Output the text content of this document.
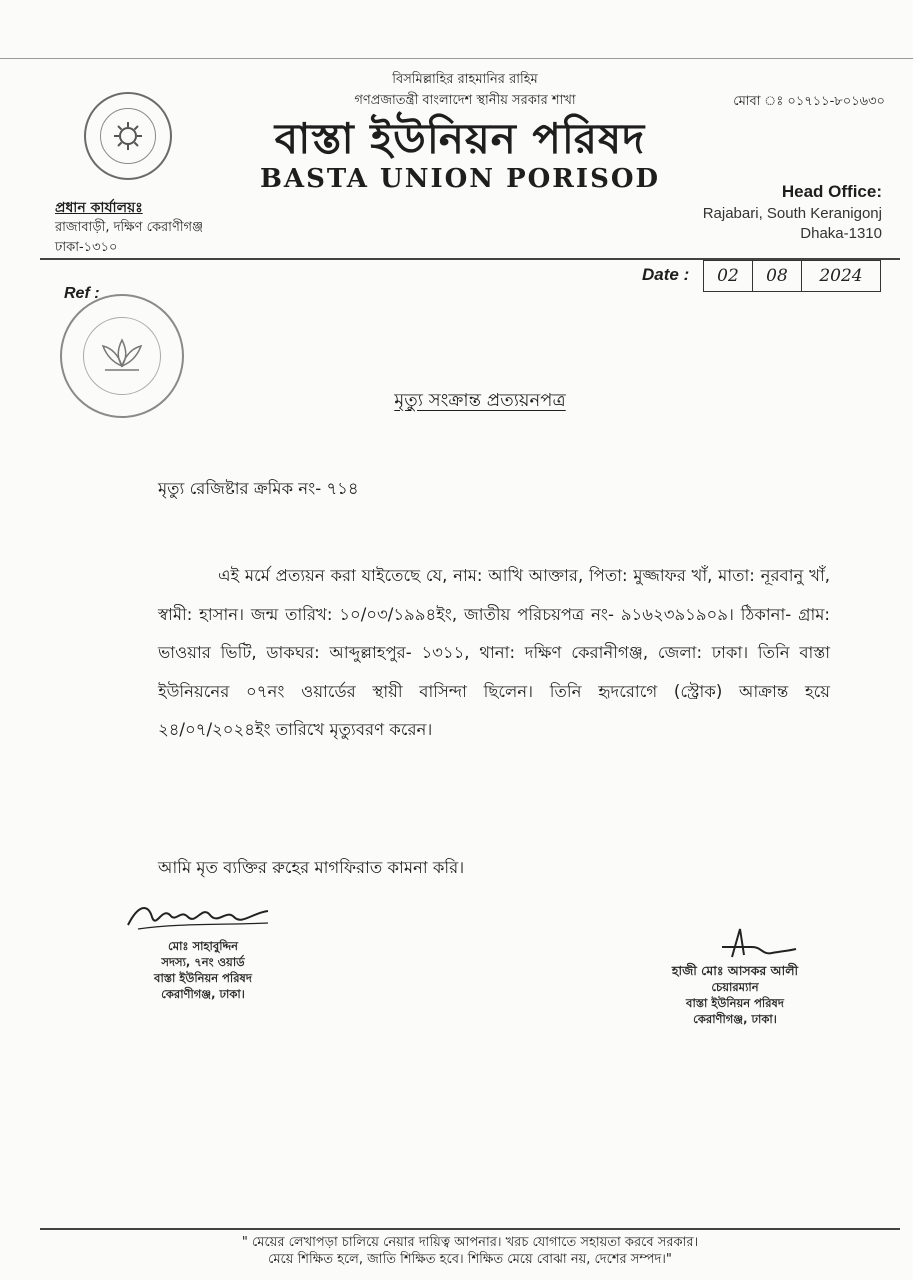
বিসমিল্লাহির রাহমানির রাহিম
গণপ্রজাতন্ত্রী বাংলাদেশ স্থানীয় সরকার শাখা	মোবা ঃ ০১৭১১-৮০১৬৩০
বাস্তা ইউনিয়ন পরিষদ
BASTA UNION PORISOD
প্রধান কার্যালয়ঃ
রাজাবাড়ী, দক্ষিণ কেরাণীগঞ্জ
ঢাকা-১৩১০
Head Office:
Rajabari, South Keranigonj
Dhaka-1310
Ref :
Date :	02	08	2024
মৃত্যু সংক্রান্ত প্রত্যয়নপত্র
মৃত্যু রেজিষ্টার ক্রমিক নং- ৭১৪
এই মর্মে প্রত্যয়ন করা যাইতেছে যে, নাম: আখি আক্তার, পিতা: মুজ্জাফর খাঁ, মাতা: নূরবানু খাঁ, স্বামী: হাসান। জন্ম তারিখ: ১০/০৩/১৯৯৪ইং, জাতীয় পরিচয়পত্র নং- ৯১৬২৩৯১৯০৯। ঠিকানা- গ্রাম: ভাওয়ার ভিটি, ডাকঘর: আব্দুল্লাহপুর- ১৩১১, থানা: দক্ষিণ কেরানীগঞ্জ, জেলা: ঢাকা। তিনি বাস্তা ইউনিয়নের ০৭নং ওয়ার্ডের স্থায়ী বাসিন্দা ছিলেন। তিনি হৃদরোগে (স্ট্রোক) আক্রান্ত হয়ে ২৪/০৭/২০২৪ইং তারিখে মৃত্যুবরণ করেন।
আমি মৃত ব্যক্তির রুহের মাগফিরাত কামনা করি।
মোঃ সাহাবুদ্দিন
সদস্য, ৭নং ওয়ার্ড
বাস্তা ইউনিয়ন পরিষদ
কেরাণীগঞ্জ, ঢাকা।
হাজী মোঃ আসকর আলী
চেয়ারম্যান
বাস্তা ইউনিয়ন পরিষদ
কেরাণীগঞ্জ, ঢাকা।
" মেয়ের লেখাপড়া চালিয়ে নেয়ার দায়িত্ব আপনার। খরচ যোগাতে সহায়তা করবে সরকার।
মেয়ে শিক্ষিত হলে, জাতি শিক্ষিত হবে। শিক্ষিত মেয়ে বোঝা নয়, দেশের সম্পদ।"
